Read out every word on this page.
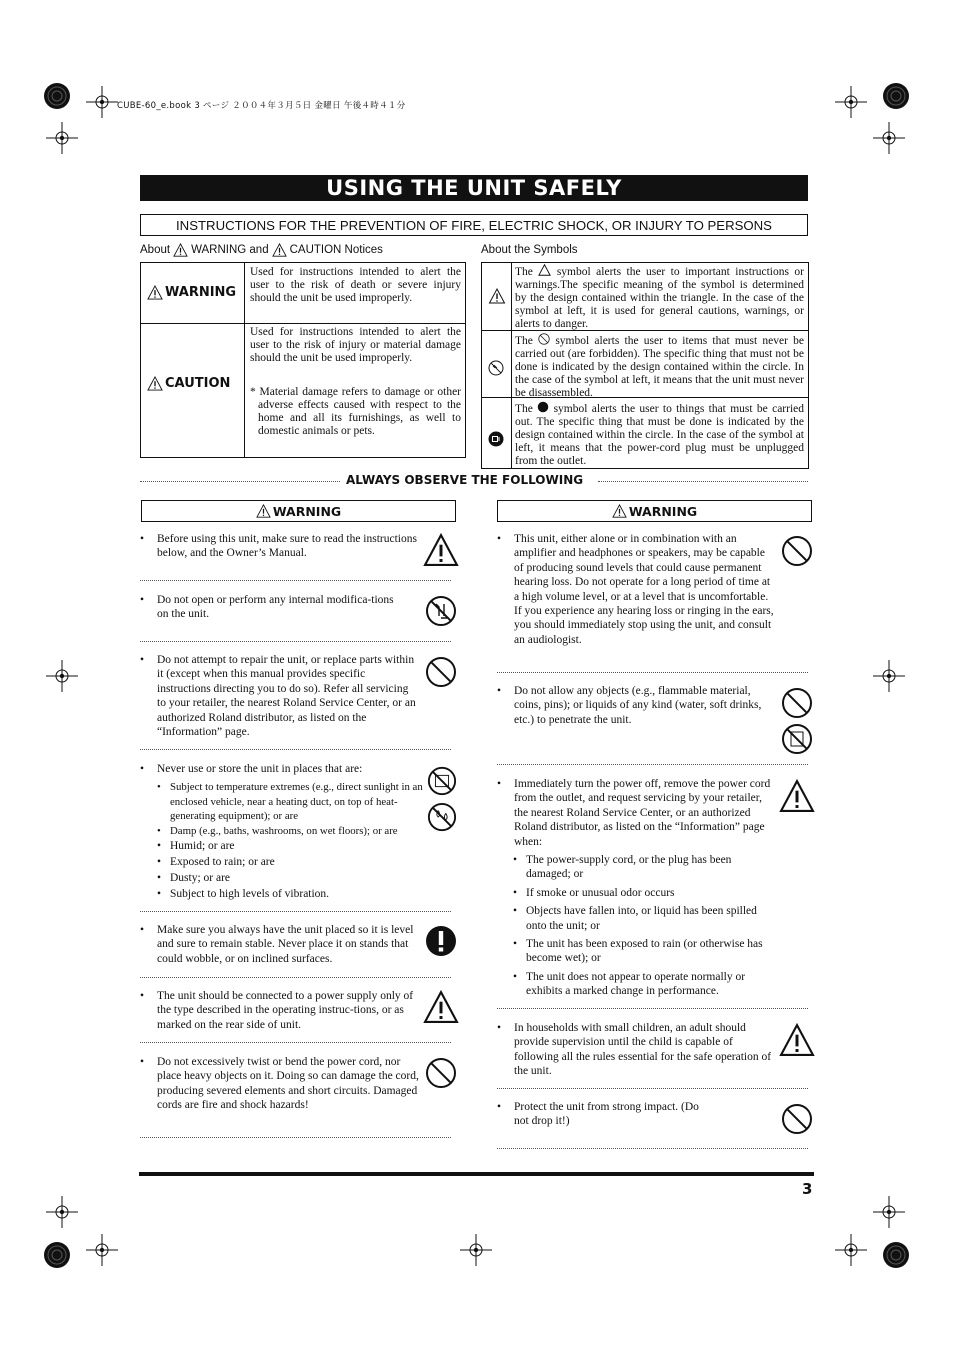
CUBE-60_e.book 3 ページ ２００４年３月５日 金曜日 午後４時４１分
USING THE UNIT SAFELY
INSTRUCTIONS FOR THE PREVENTION OF FIRE, ELECTRIC SHOCK, OR INJURY TO PERSONS
About WARNING and CAUTION Notices	About the Symbols
WARNING
Used for instructions intended to alert the user to the risk of death or severe injury should the unit be used improperly.
CAUTION
Used for instructions intended to alert the user to the risk of injury or material damage should the unit be used improperly.
* Material damage refers to damage or other adverse effects caused with respect to the home and all its furnishings, as well to domestic animals or pets.
The symbol alerts the user to important instructions or warnings.The specific meaning of the symbol is determined by the design contained within the triangle. In the case of the symbol at left, it is used for general cautions, warnings, or alerts to danger.
The symbol alerts the user to items that must never be carried out (are forbidden). The specific thing that must not be done is indicated by the design contained within the circle. In the case of the symbol at left, it means that the unit must never be disassembled.
The symbol alerts the user to things that must be carried out. The specific thing that must be done is indicated by the design contained within the circle. In the case of the symbol at left, it means that the power-cord plug must be unplugged from the outlet.
ALWAYS OBSERVE THE FOLLOWING
WARNING	WARNING
• Before using this unit, make sure to read the instructions below, and the Owner’s Manual.
• Do not open or perform any internal modifica-tions on the unit.
• Do not attempt to repair the unit, or replace parts within it (except when this manual provides specific instructions directing you to do so). Refer all servicing to your retailer, the nearest Roland Service Center, or an authorized Roland distributor, as listed on the “Information” page.
• Never use or store the unit in places that are:
• Subject to temperature extremes (e.g., direct sunlight in an enclosed vehicle, near a heating duct, on top of heat-generating equipment); or are
• Damp (e.g., baths, washrooms, on wet floors); or are
• Humid; or are
• Exposed to rain; or are
• Dusty; or are
• Subject to high levels of vibration.
• Make sure you always have the unit placed so it is level and sure to remain stable. Never place it on stands that could wobble, or on inclined surfaces.
• The unit should be connected to a power supply only of the type described in the operating instruc-tions, or as marked on the rear side of unit.
• Do not excessively twist or bend the power cord, nor place heavy objects on it. Doing so can damage the cord, producing severed elements and short circuits. Damaged cords are fire and shock hazards!
• This unit, either alone or in combination with an amplifier and headphones or speakers, may be capable of producing sound levels that could cause permanent hearing loss. Do not operate for a long period of time at a high volume level, or at a level that is uncomfortable. If you experience any hearing loss or ringing in the ears, you should immediately stop using the unit, and consult an audiologist.
• Do not allow any objects (e.g., flammable material, coins, pins); or liquids of any kind (water, soft drinks, etc.) to penetrate the unit.
• Immediately turn the power off, remove the power cord from the outlet, and request servicing by your retailer, the nearest Roland Service Center, or an authorized Roland distributor, as listed on the “Information” page when:
• The power-supply cord, or the plug has been damaged; or
• If smoke or unusual odor occurs
• Objects have fallen into, or liquid has been spilled onto the unit; or
• The unit has been exposed to rain (or otherwise has become wet); or
• The unit does not appear to operate normally or exhibits a marked change in performance.
• In households with small children, an adult should provide supervision until the child is capable of following all the rules essential for the safe operation of the unit.
• Protect the unit from strong impact. (Do not drop it!)
3
